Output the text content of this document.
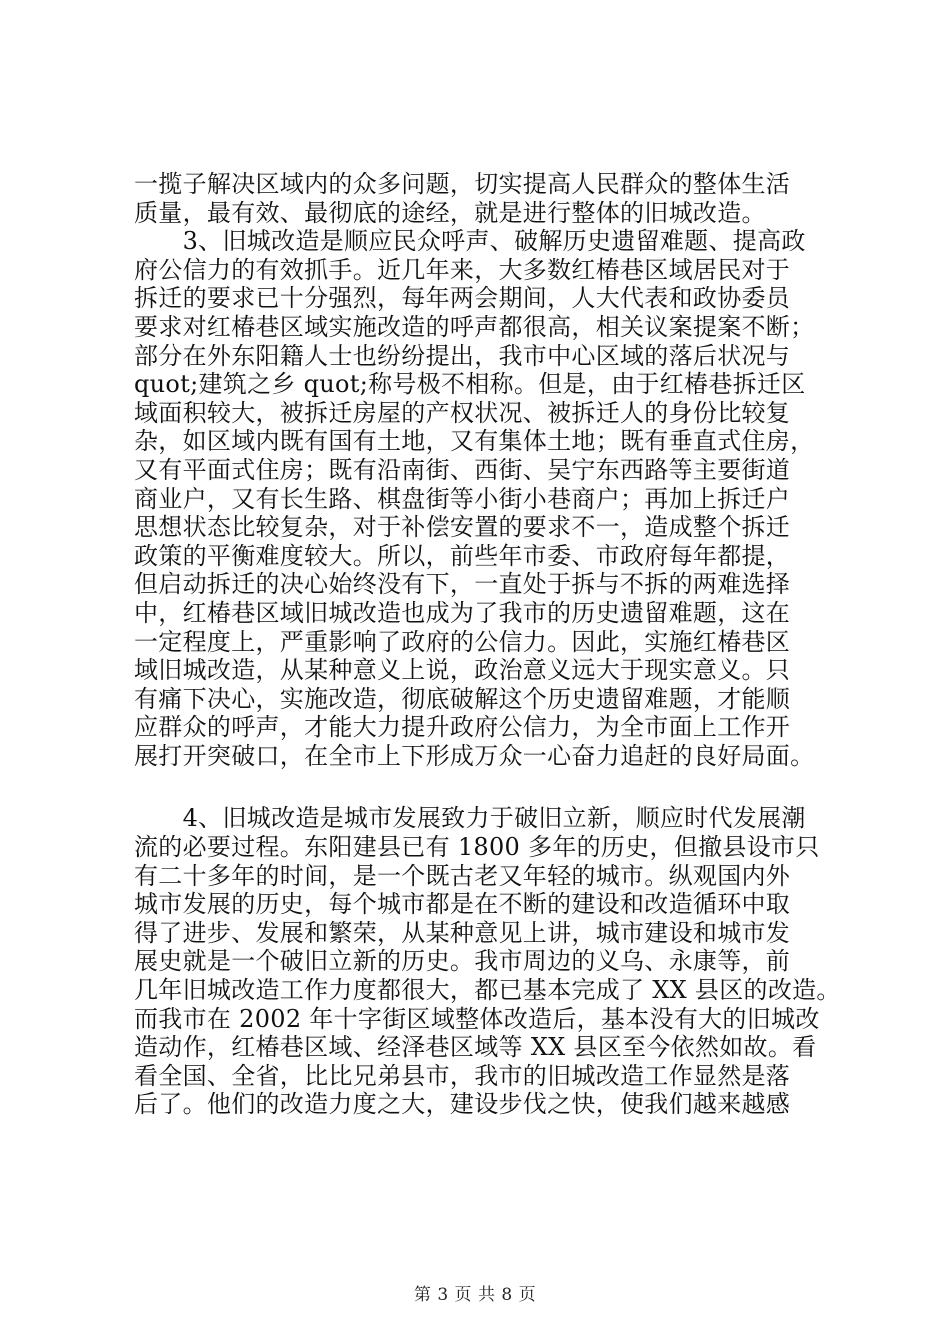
一揽子解决区域内的众多问题，切实提高人民群众的整体生活
质量，最有效、最彻底的途经，就是进行整体的旧城改造。
　　3、旧城改造是顺应民众呼声、破解历史遗留难题、提高政
府公信力的有效抓手。近几年来，大多数红椿巷区域居民对于
拆迁的要求已十分强烈，每年两会期间，人大代表和政协委员
要求对红椿巷区域实施改造的呼声都很高，相关议案提案不断；
部分在外东阳籍人士也纷纷提出，我市中心区域的落后状况与
quot;建筑之乡 quot;称号极不相称。但是，由于红椿巷拆迁区
域面积较大，被拆迁房屋的产权状况、被拆迁人的身份比较复
杂，如区域内既有国有土地，又有集体土地；既有垂直式住房，
又有平面式住房；既有沿南街、西街、吴宁东西路等主要街道
商业户，又有长生路、棋盘街等小街小巷商户；再加上拆迁户
思想状态比较复杂，对于补偿安置的要求不一，造成整个拆迁
政策的平衡难度较大。所以，前些年市委、市政府每年都提，
但启动拆迁的决心始终没有下，一直处于拆与不拆的两难选择
中，红椿巷区域旧城改造也成为了我市的历史遗留难题，这在
一定程度上，严重影响了政府的公信力。因此，实施红椿巷区
域旧城改造，从某种意义上说，政治意义远大于现实意义。只
有痛下决心，实施改造，彻底破解这个历史遗留难题，才能顺
应群众的呼声，才能大力提升政府公信力，为全市面上工作开
展打开突破口，在全市上下形成万众一心奋力追赶的良好局面。
　　4、旧城改造是城市发展致力于破旧立新，顺应时代发展潮
流的必要过程。东阳建县已有 1800 多年的历史，但撤县设市只
有二十多年的时间，是一个既古老又年轻的城市。纵观国内外
城市发展的历史，每个城市都是在不断的建设和改造循环中取
得了进步、发展和繁荣，从某种意见上讲，城市建设和城市发
展史就是一个破旧立新的历史。我市周边的义乌、永康等，前
几年旧城改造工作力度都很大，都已基本完成了 XX 县区的改造。
而我市在 2002 年十字街区域整体改造后，基本没有大的旧城改
造动作，红椿巷区域、经泽巷区域等 XX 县区至今依然如故。看
看全国、全省，比比兄弟县市，我市的旧城改造工作显然是落
后了。他们的改造力度之大，建设步伐之快，使我们越来越感
第 3 页 共 8 页
